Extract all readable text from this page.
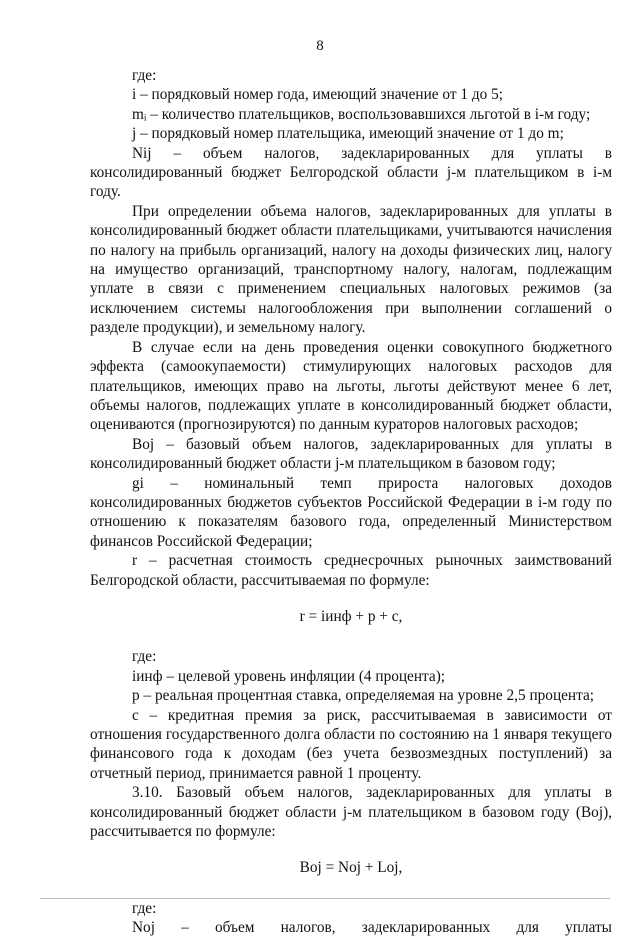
8

где:

i – порядковый номер года, имеющий значение от 1 до 5;

mᵢ – количество плательщиков, воспользовавшихся льготой в i-м году;

j – порядковый номер плательщика, имеющий значение от 1 до m;

Nij – объем налогов, задекларированных для уплаты в консолидированный бюджет Белгородской области j-м плательщиком в i-м году.

При определении объема налогов, задекларированных для уплаты в консолидированный бюджет области плательщиками, учитываются начисления по налогу на прибыль организаций, налогу на доходы физических лиц, налогу на имущество организаций, транспортному налогу, налогам, подлежащим уплате в связи с применением специальных налоговых режимов (за исключением системы налогообложения при выполнении соглашений о разделе продукции), и земельному налогу.

В случае если на день проведения оценки совокупного бюджетного эффекта (самоокупаемости) стимулирующих налоговых расходов для плательщиков, имеющих право на льготы, льготы действуют менее 6 лет, объемы налогов, подлежащих уплате в консолидированный бюджет области, оцениваются (прогнозируются) по данным кураторов налоговых расходов;

Boj – базовый объем налогов, задекларированных для уплаты в консолидированный бюджет области j-м плательщиком в базовом году;

gi – номинальный темп прироста налоговых доходов консолидированных бюджетов субъектов Российской Федерации в i-м году по отношению к показателям базового года, определенный Министерством финансов Российской Федерации;

r – расчетная стоимость среднесрочных рыночных заимствований Белгородской области, рассчитываемая по формуле:

r = iинф + p + c,

где:

iинф – целевой уровень инфляции (4 процента);

p – реальная процентная ставка, определяемая на уровне 2,5 процента;

c – кредитная премия за риск, рассчитываемая в зависимости от отношения государственного долга области по состоянию на 1 января текущего финансового года к доходам (без учета безвозмездных поступлений) за отчетный период, принимается равной 1 проценту.

3.10. Базовый объем налогов, задекларированных для уплаты в консолидированный бюджет области j-м плательщиком в базовом году (Boj), рассчитывается по формуле:

Boj = Noj + Loj,

где:

Noj – объем налогов, задекларированных для уплаты
